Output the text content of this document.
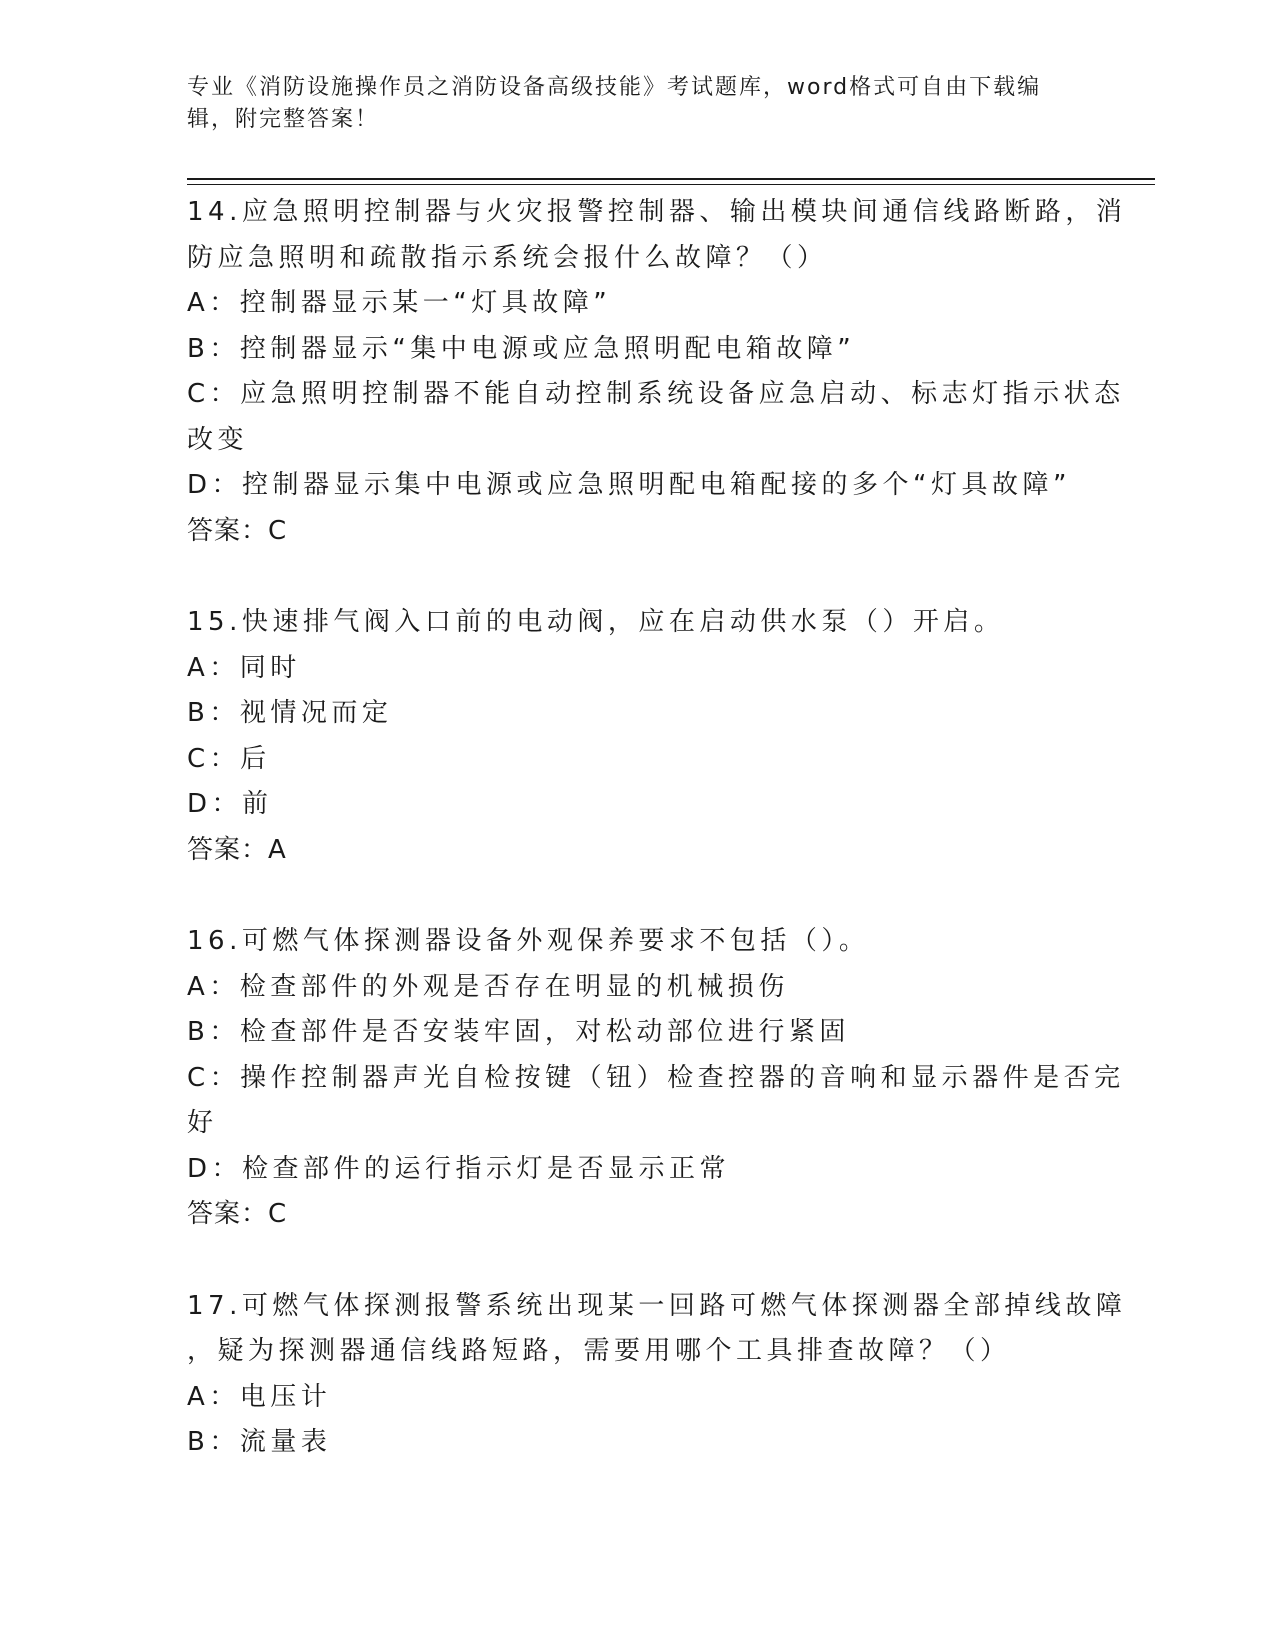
专业《消防设施操作员之消防设备高级技能》考试题库，word格式可自由下载编
辑，附完整答案！
14.应急照明控制器与火灾报警控制器、输出模块间通信线路断路，消
防应急照明和疏散指示系统会报什么故障？（）
A：控制器显示某一“灯具故障”
B：控制器显示“集中电源或应急照明配电箱故障”
C：应急照明控制器不能自动控制系统设备应急启动、标志灯指示状态
改变
D：控制器显示集中电源或应急照明配电箱配接的多个“灯具故障”
答案：C
15.快速排气阀入口前的电动阀，应在启动供水泵（）开启。
A：同时
B：视情况而定
C：后
D：前
答案：A
16.可燃气体探测器设备外观保养要求不包括（）。
A：检查部件的外观是否存在明显的机械损伤
B：检查部件是否安装牢固，对松动部位进行紧固
C：操作控制器声光自检按键（钮）检查控器的音响和显示器件是否完
好
D：检查部件的运行指示灯是否显示正常
答案：C
17.可燃气体探测报警系统出现某一回路可燃气体探测器全部掉线故障
，疑为探测器通信线路短路，需要用哪个工具排查故障？（）
A：电压计
B：流量表
